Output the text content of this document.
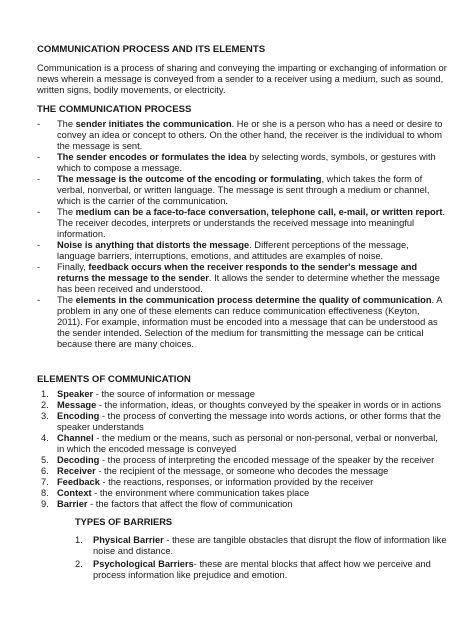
COMMUNICATION PROCESS AND ITS ELEMENTS

Communication is a process of sharing and conveying the imparting or exchanging of information or news wherein a message is conveyed from a sender to a receiver using a medium, such as sound, written signs, bodily movements, or electricity.

THE COMMUNICATION PROCESS

- The sender initiates the communication. He or she is a person who has a need or desire to convey an idea or concept to others. On the other hand, the receiver is the individual to whom the message is sent.
- The sender encodes or formulates the idea by selecting words, symbols, or gestures with which to compose a message.
- The message is the outcome of the encoding or formulating, which takes the form of verbal, nonverbal, or written language. The message is sent through a medium or channel, which is the carrier of the communication.
- The medium can be a face-to-face conversation, telephone call, e-mail, or written report. The receiver decodes, interprets or understands the received message into meaningful information.
- Noise is anything that distorts the message. Different perceptions of the message, language barriers, interruptions, emotions, and attitudes are examples of noise.
- Finally, feedback occurs when the receiver responds to the sender's message and returns the message to the sender. It allows the sender to determine whether the message has been received and understood.
- The elements in the communication process determine the quality of communication. A problem in any one of these elements can reduce communication effectiveness (Keyton, 2011). For example, information must be encoded into a message that can be understood as the sender intended. Selection of the medium for transmitting the message can be critical because there are many choices.

ELEMENTS OF COMMUNICATION

1. Speaker - the source of information or message
2. Message - the information, ideas, or thoughts conveyed by the speaker in words or in actions
3. Encoding - the process of converting the message into words actions, or other forms that the speaker understands
4. Channel - the medium or the means, such as personal or non-personal, verbal or nonverbal, in which the encoded message is conveyed
5. Decoding - the process of interpreting the encoded message of the speaker by the receiver
6. Receiver - the recipient of the message, or someone who decodes the message
7. Feedback - the reactions, responses, or information provided by the receiver
8. Context - the environment where communication takes place
9. Barrier - the factors that affect the flow of communication

TYPES OF BARRIERS

1. Physical Barrier - these are tangible obstacles that disrupt the flow of information like noise and distance.
2. Psychological Barriers- these are mental blocks that affect how we perceive and process information like prejudice and emotion.
